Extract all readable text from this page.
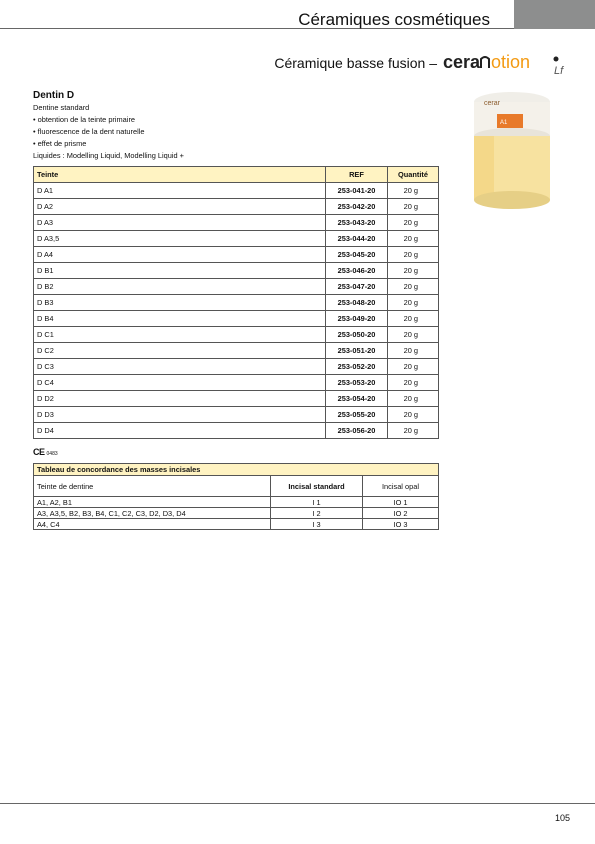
Céramiques cosmétiques
Céramique basse fusion – cera otion Lf
Dentin D
Dentine standard
• obtention de la teinte primaire
• fluorescence de la dent naturelle
• effet de prisme
Liquides : Modelling Liquid, Modelling Liquid +
cerar
A1
Teinte	REF	Quantité
D A1	253-041-20	20 g
D A2	253-042-20	20 g
D A3	253-043-20	20 g
D A3,5	253-044-20	20 g
D A4	253-045-20	20 g
D B1	253-046-20	20 g
D B2	253-047-20	20 g
D B3	253-048-20	20 g
D B4	253-049-20	20 g
D C1	253-050-20	20 g
D C2	253-051-20	20 g
D C3	253-052-20	20 g
D C4	253-053-20	20 g
D D2	253-054-20	20 g
D D3	253-055-20	20 g
D D4	253-056-20	20 g
CE 0483
Tableau de concordance des masses incisales		
Teinte de dentine	Incisal standard	Incisal opal
A1, A2, B1	I 1	IO 1
A3, A3,5, B2, B3, B4, C1, C2, C3, D2, D3, D4	I 2	IO 2
A4, C4	I 3	IO 3
105
